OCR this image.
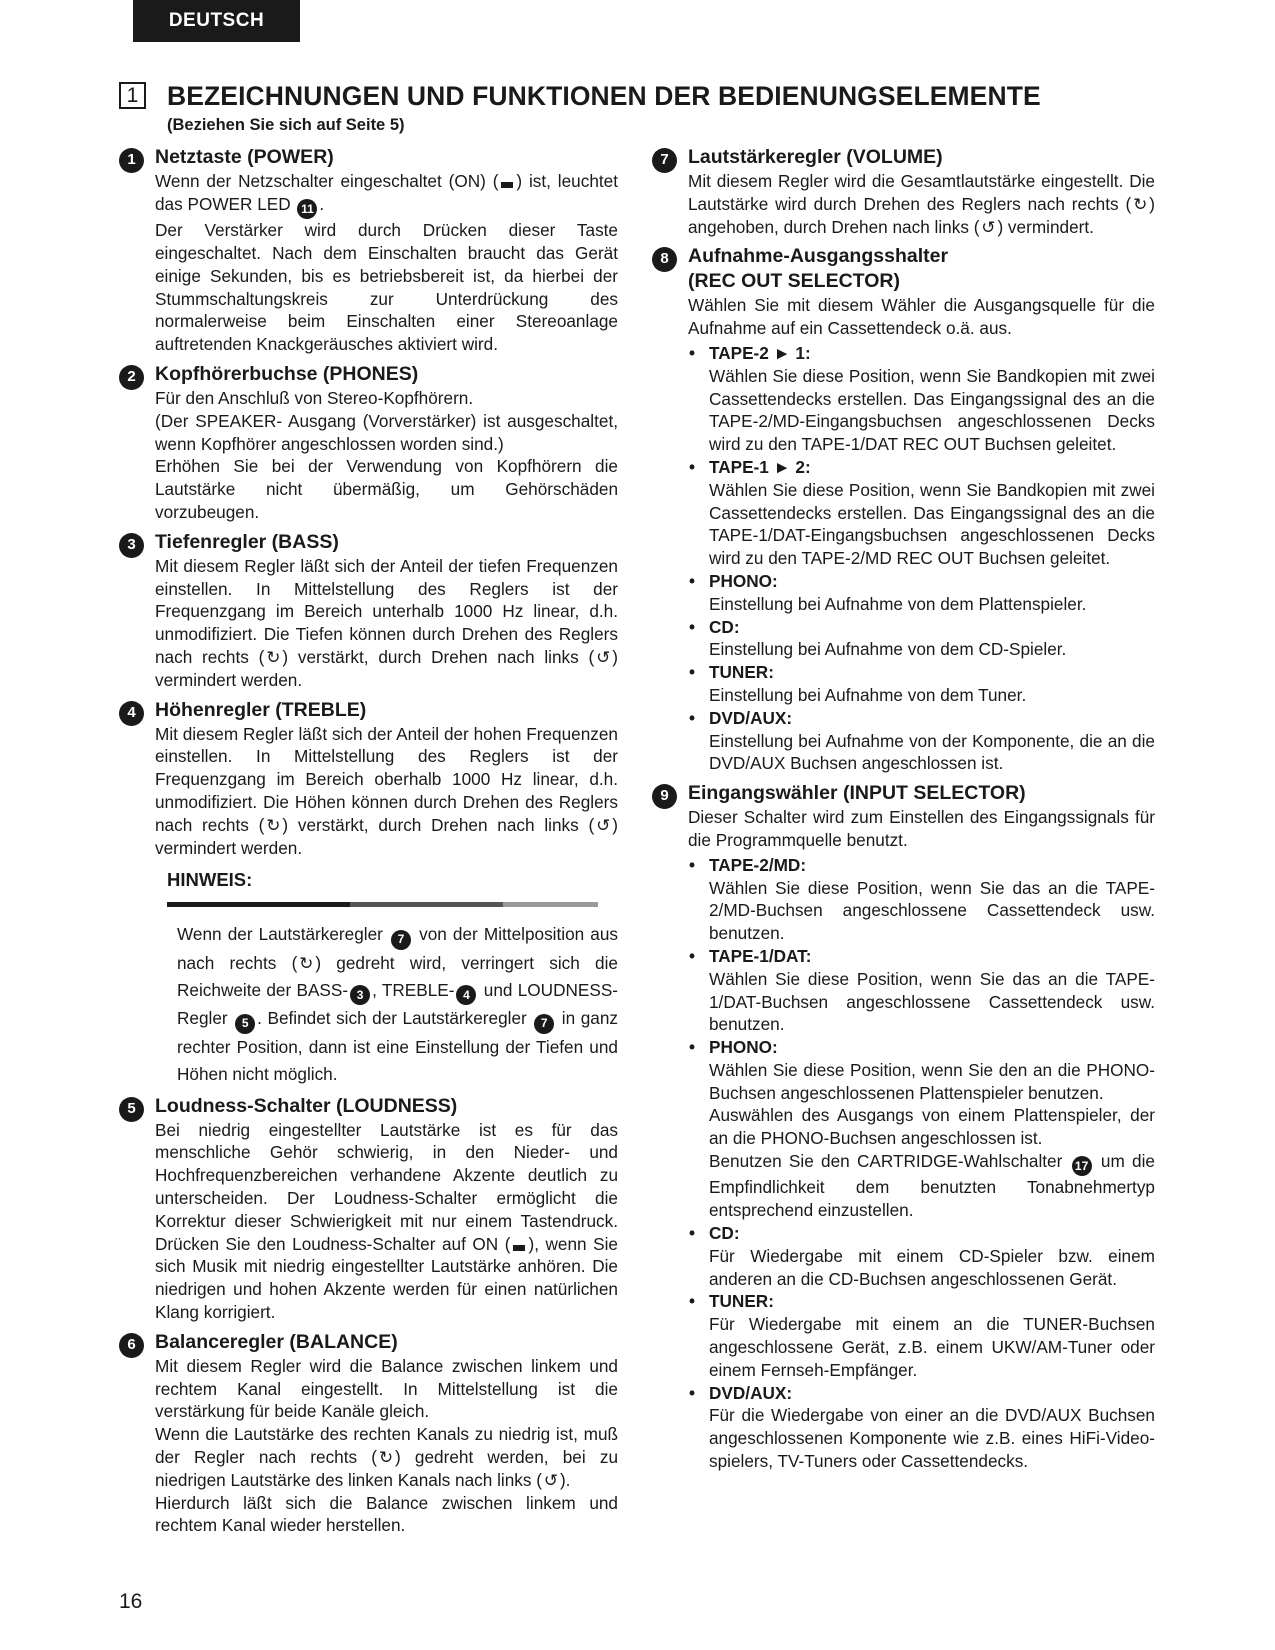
DEUTSCH
1 BEZEICHNUNGEN UND FUNKTIONEN DER BEDIENUNGSELEMENTE
(Beziehen Sie sich auf Seite 5)
1 Netztaste (POWER)

Wenn der Netzschalter eingeschaltet (ON) ( ) ist, leuchtet das POWER LED 11 .

Der Verstärker wird durch Drücken dieser Taste eingeschaltet. Nach dem Einschalten braucht das Gerät einige Sekunden, bis es betriebsbereit ist, da hierbei der Stummschaltungskreis zur Unterdrückung des normalerweise beim Einschalten einer Stereoanlage auftretenden Knackgeräusches aktiviert wird.

2 Kopfhörerbuchse (PHONES)

Für den Anschluß von Stereo-Kopfhörern.

(Der SPEAKER- Ausgang (Vorverstärker) ist ausgeschaltet, wenn Kopfhörer angeschlossen worden sind.)

Erhöhen Sie bei der Verwendung von Kopfhörern die Lautstärke nicht übermäßig, um Gehörschäden vorzubeugen.

3 Tiefenregler (BASS)

Mit diesem Regler läßt sich der Anteil der tiefen Frequenzen einstellen. In Mittelstellung des Reglers ist der Frequenzgang im Bereich unterhalb 1000 Hz linear, d.h. unmodifiziert. Die Tiefen können durch Drehen des Reglers nach rechts ( ↻ ) verstärkt, durch Drehen nach links ( ↺ ) vermindert werden.

4 Höhenregler (TREBLE)

Mit diesem Regler läßt sich der Anteil der hohen Frequenzen einstellen. In Mittelstellung des Reglers ist der Frequenzgang im Bereich oberhalb 1000 Hz linear, d.h. unmodifiziert. Die Höhen können durch Drehen des Reglers nach rechts ( ↻ ) verstärkt, durch Drehen nach links ( ↺ ) vermindert werden.

HINWEIS:
Wenn der Lautstärkeregler 7 von der Mittelposition aus nach rechts ( ↻ ) gedreht wird, verringert sich die Reichweite der BASS- 3 , TREBLE- 4 und LOUDNESS-Regler 5 . Befindet sich der Lautstärkeregler 7 in ganz rechter Position, dann ist eine Einstellung der Tiefen und Höhen nicht möglich.
5 Loudness-Schalter (LOUDNESS)

Bei niedrig eingestellter Lautstärke ist es für das menschliche Gehör schwierig, in den Nieder- und Hochfrequenzbereichen verhandene Akzente deutlich zu unterscheiden. Der Loudness-Schalter ermöglicht die Korrektur dieser Schwierigkeit mit nur einem Tastendruck. Drücken Sie den Loudness-Schalter auf ON ( ), wenn Sie sich Musik mit niedrig eingestellter Lautstärke anhören. Die niedrigen und hohen Akzente werden für einen natürlichen Klang korrigiert.

6 Balanceregler (BALANCE)

Mit diesem Regler wird die Balance zwischen linkem und rechtem Kanal eingestellt. In Mittelstellung ist die verstärkung für beide Kanäle gleich.

Wenn die Lautstärke des rechten Kanals zu niedrig ist, muß der Regler nach rechts ( ↻ ) gedreht werden, bei zu niedrigen Lautstärke des linken Kanals nach links ( ↺ ).

Hierdurch läßt sich die Balance zwischen linkem und rechtem Kanal wieder herstellen.

7 Lautstärkeregler (VOLUME)

Mit diesem Regler wird die Gesamtlautstärke eingestellt. Die Lautstärke wird durch Drehen des Reglers nach rechts ( ↻ ) angehoben, durch Drehen nach links ( ↺ ) vermindert.

8 Aufnahme-Ausgangsshalter
(REC OUT SELECTOR)

Wählen Sie mit diesem Wähler die Ausgangsquelle für die Aufnahme auf ein Cassettendeck o.ä. aus.

• TAPE-2 ► 1:
Wählen Sie diese Position, wenn Sie Bandkopien mit zwei Cassettendecks erstellen. Das Eingangssignal des an die TAPE-2/MD-Eingangsbuchsen angeschlossenen Decks wird zu den TAPE-1/DAT REC OUT Buchsen geleitet.
• TAPE-1 ► 2:
Wählen Sie diese Position, wenn Sie Bandkopien mit zwei Cassettendecks erstellen. Das Eingangssignal des an die TAPE-1/DAT-Eingangsbuchsen angeschlossenen Decks wird zu den TAPE-2/MD REC OUT Buchsen geleitet.
• PHONO:
Einstellung bei Aufnahme von dem Plattenspieler.
• CD:
Einstellung bei Aufnahme von dem CD-Spieler.
• TUNER:
Einstellung bei Aufnahme von dem Tuner.
• DVD/AUX:
Einstellung bei Aufnahme von der Komponente, die an die DVD/AUX Buchsen angeschlossen ist.
9 Eingangswähler (INPUT SELECTOR)

Dieser Schalter wird zum Einstellen des Eingangssignals für die Programmquelle benutzt.

• TAPE-2/MD:
Wählen Sie diese Position, wenn Sie das an die TAPE-2/MD-Buchsen angeschlossene Cassettendeck usw. benutzen.
• TAPE-1/DAT:
Wählen Sie diese Position, wenn Sie das an die TAPE-1/DAT-Buchsen angeschlossene Cassettendeck usw. benutzen.
• PHONO:
Wählen Sie diese Position, wenn Sie den an die PHONO-Buchsen angeschlossenen Plattenspieler benutzen.
Auswählen des Ausgangs von einem Plattenspieler, der an die PHONO-Buchsen angeschlossen ist.
Benutzen Sie den CARTRIDGE-Wahlschalter 17 um die Empfindlichkeit dem benutzten Tonabnehmertyp entsprechend einzustellen.
• CD:
Für Wiedergabe mit einem CD-Spieler bzw. einem anderen an die CD-Buchsen angeschlossenen Gerät.
• TUNER:
Für Wiedergabe mit einem an die TUNER-Buchsen angeschlossene Gerät, z.B. einem UKW/AM-Tuner oder einem Fernseh-Empfänger.
• DVD/AUX:
Für die Wiedergabe von einer an die DVD/AUX Buchsen angeschlossenen Komponente wie z.B. eines HiFi-Video-spielers, TV-Tuners oder Cassettendecks.
16
